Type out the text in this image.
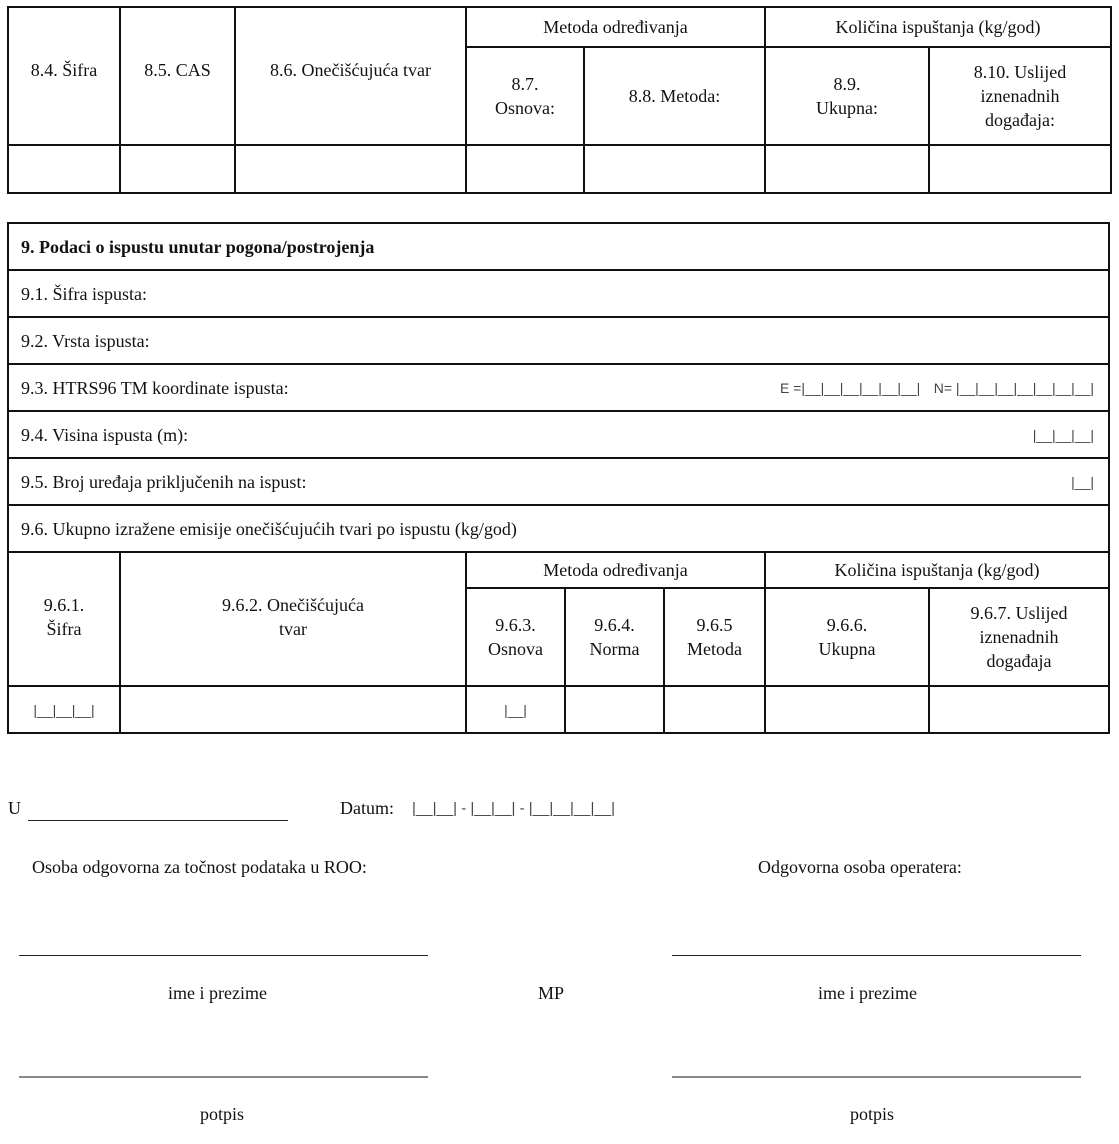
8.4. Šifra	8.5. CAS	8.6. Onečišćujuća tvar	Metoda određivanja		Količina ispuštanja (kg/god)	

			8.7. Osnova:	8.8. Metoda:	8.9. Ukupna:	8.10. Uslijed iznenadnih događaja:

9. Podaci o ispustu unutar pogona/postrojenja						
9.1. Šifra ispusta:						
9.2. Vrsta ispusta:						

9.3. HTRS96 TM koordinate ispusta: E =|__|__|__|__|__|__| N= |__|__|__|__|__|__|__|						

9.4. Visina ispusta (m): |__|__|__|						

9.5. Broj uređaja priključenih na ispust: |__|						

9.6. Ukupno izražene emisije onečišćujućih tvari po ispustu (kg/god)						

9.6.1. Šifra	9.6.2. Onečišćujuća tvar	Metoda određivanja			Količina ispuštanja (kg/god)	

		9.6.3. Osnova	9.6.4. Norma	9.6.5 Metoda	9.6.6. Ukupna	9.6.7. Uslijed iznenadnih događaja

|__|__|__|		|__|				
U	Datum: |__|__| - |__|__| - |__|__|__|__|
Osoba odgovorna za točnost podataka u ROO:	Odgovorna osoba operatera:
ime i prezime	MP	ime i prezime
potpis	potpis
